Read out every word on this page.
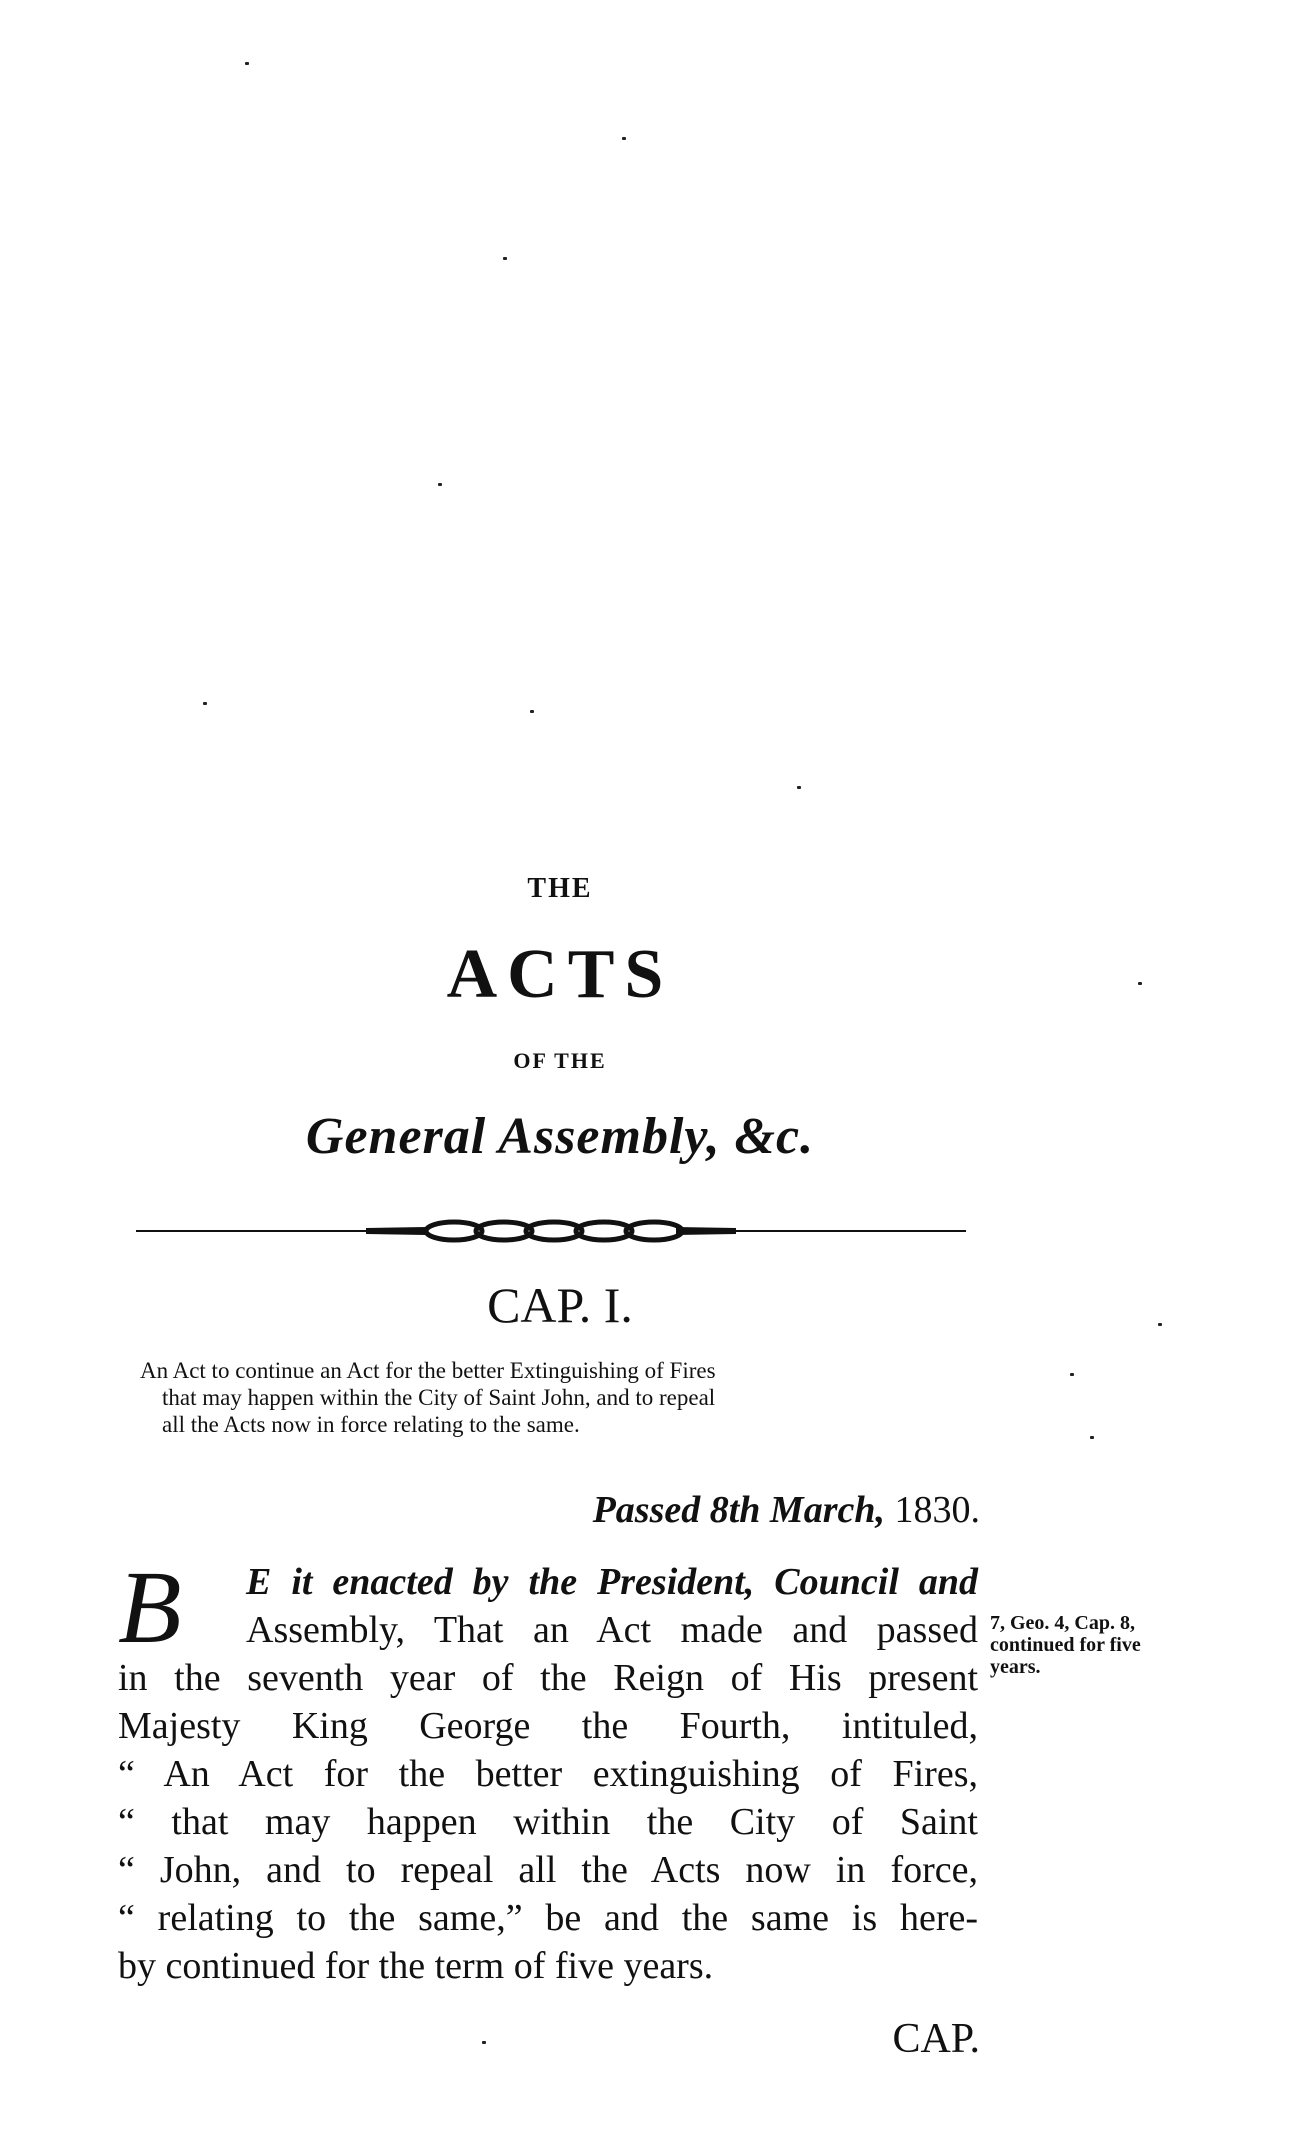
THE
ACTS
OF THE
General Assembly, &c.
CAP. I.
An Act to continue an Act for the better Extinguishing of Fires
that may happen within the City of Saint John, and to repeal
all the Acts now in force relating to the same.
Passed 8th March, 1830.
B	E it enacted by the President, Council and
Assembly, That an Act made and passed
in the seventh year of the Reign of His present
Majesty King George the Fourth, intituled,
“ An Act for the better extinguishing of Fires,
“ that may happen within the City of Saint
“ John, and to repeal all the Acts now in force,
“ relating to the same,” be and the same is here-
by continued for the term of five years.
7, Geo. 4, Cap. 8,
continued for five
years.
CAP.
